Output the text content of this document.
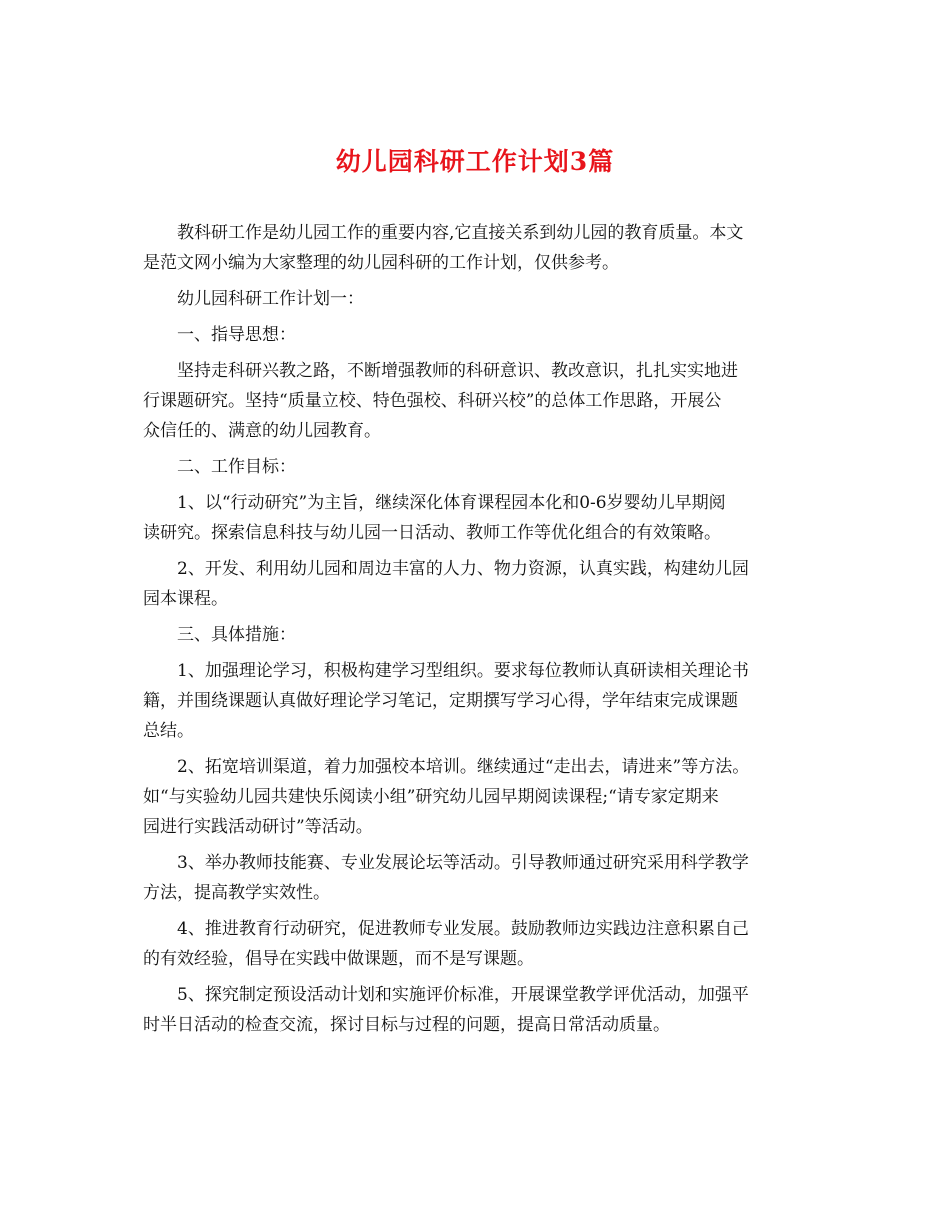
幼儿园科研工作计划3篇

教科研工作是幼儿园工作的重要内容,它直接关系到幼儿园的教育质量。本文
是范文网小编为大家整理的幼儿园科研的工作计划，仅供参考。

幼儿园科研工作计划一：

一、指导思想：

坚持走科研兴教之路，不断增强教师的科研意识、教改意识，扎扎实实地进
行课题研究。坚持“质量立校、特色强校、科研兴校”的总体工作思路，开展公
众信任的、满意的幼儿园教育。

二、工作目标：

1、以“行动研究”为主旨，继续深化体育课程园本化和0-6岁婴幼儿早期阅
读研究。探索信息科技与幼儿园一日活动、教师工作等优化组合的有效策略。

2、开发、利用幼儿园和周边丰富的人力、物力资源，认真实践，构建幼儿园
园本课程。

三、具体措施：

1、加强理论学习，积极构建学习型组织。要求每位教师认真研读相关理论书
籍，并围绕课题认真做好理论学习笔记，定期撰写学习心得，学年结束完成课题
总结。

2、拓宽培训渠道，着力加强校本培训。继续通过“走出去，请进来”等方法。
如“与实验幼儿园共建快乐阅读小组”研究幼儿园早期阅读课程;“请专家定期来
园进行实践活动研讨”等活动。

3、举办教师技能赛、专业发展论坛等活动。引导教师通过研究采用科学教学
方法，提高教学实效性。

4、推进教育行动研究，促进教师专业发展。鼓励教师边实践边注意积累自己
的有效经验，倡导在实践中做课题，而不是写课题。

5、探究制定预设活动计划和实施评价标准，开展课堂教学评优活动，加强平
时半日活动的检查交流，探讨目标与过程的问题，提高日常活动质量。
